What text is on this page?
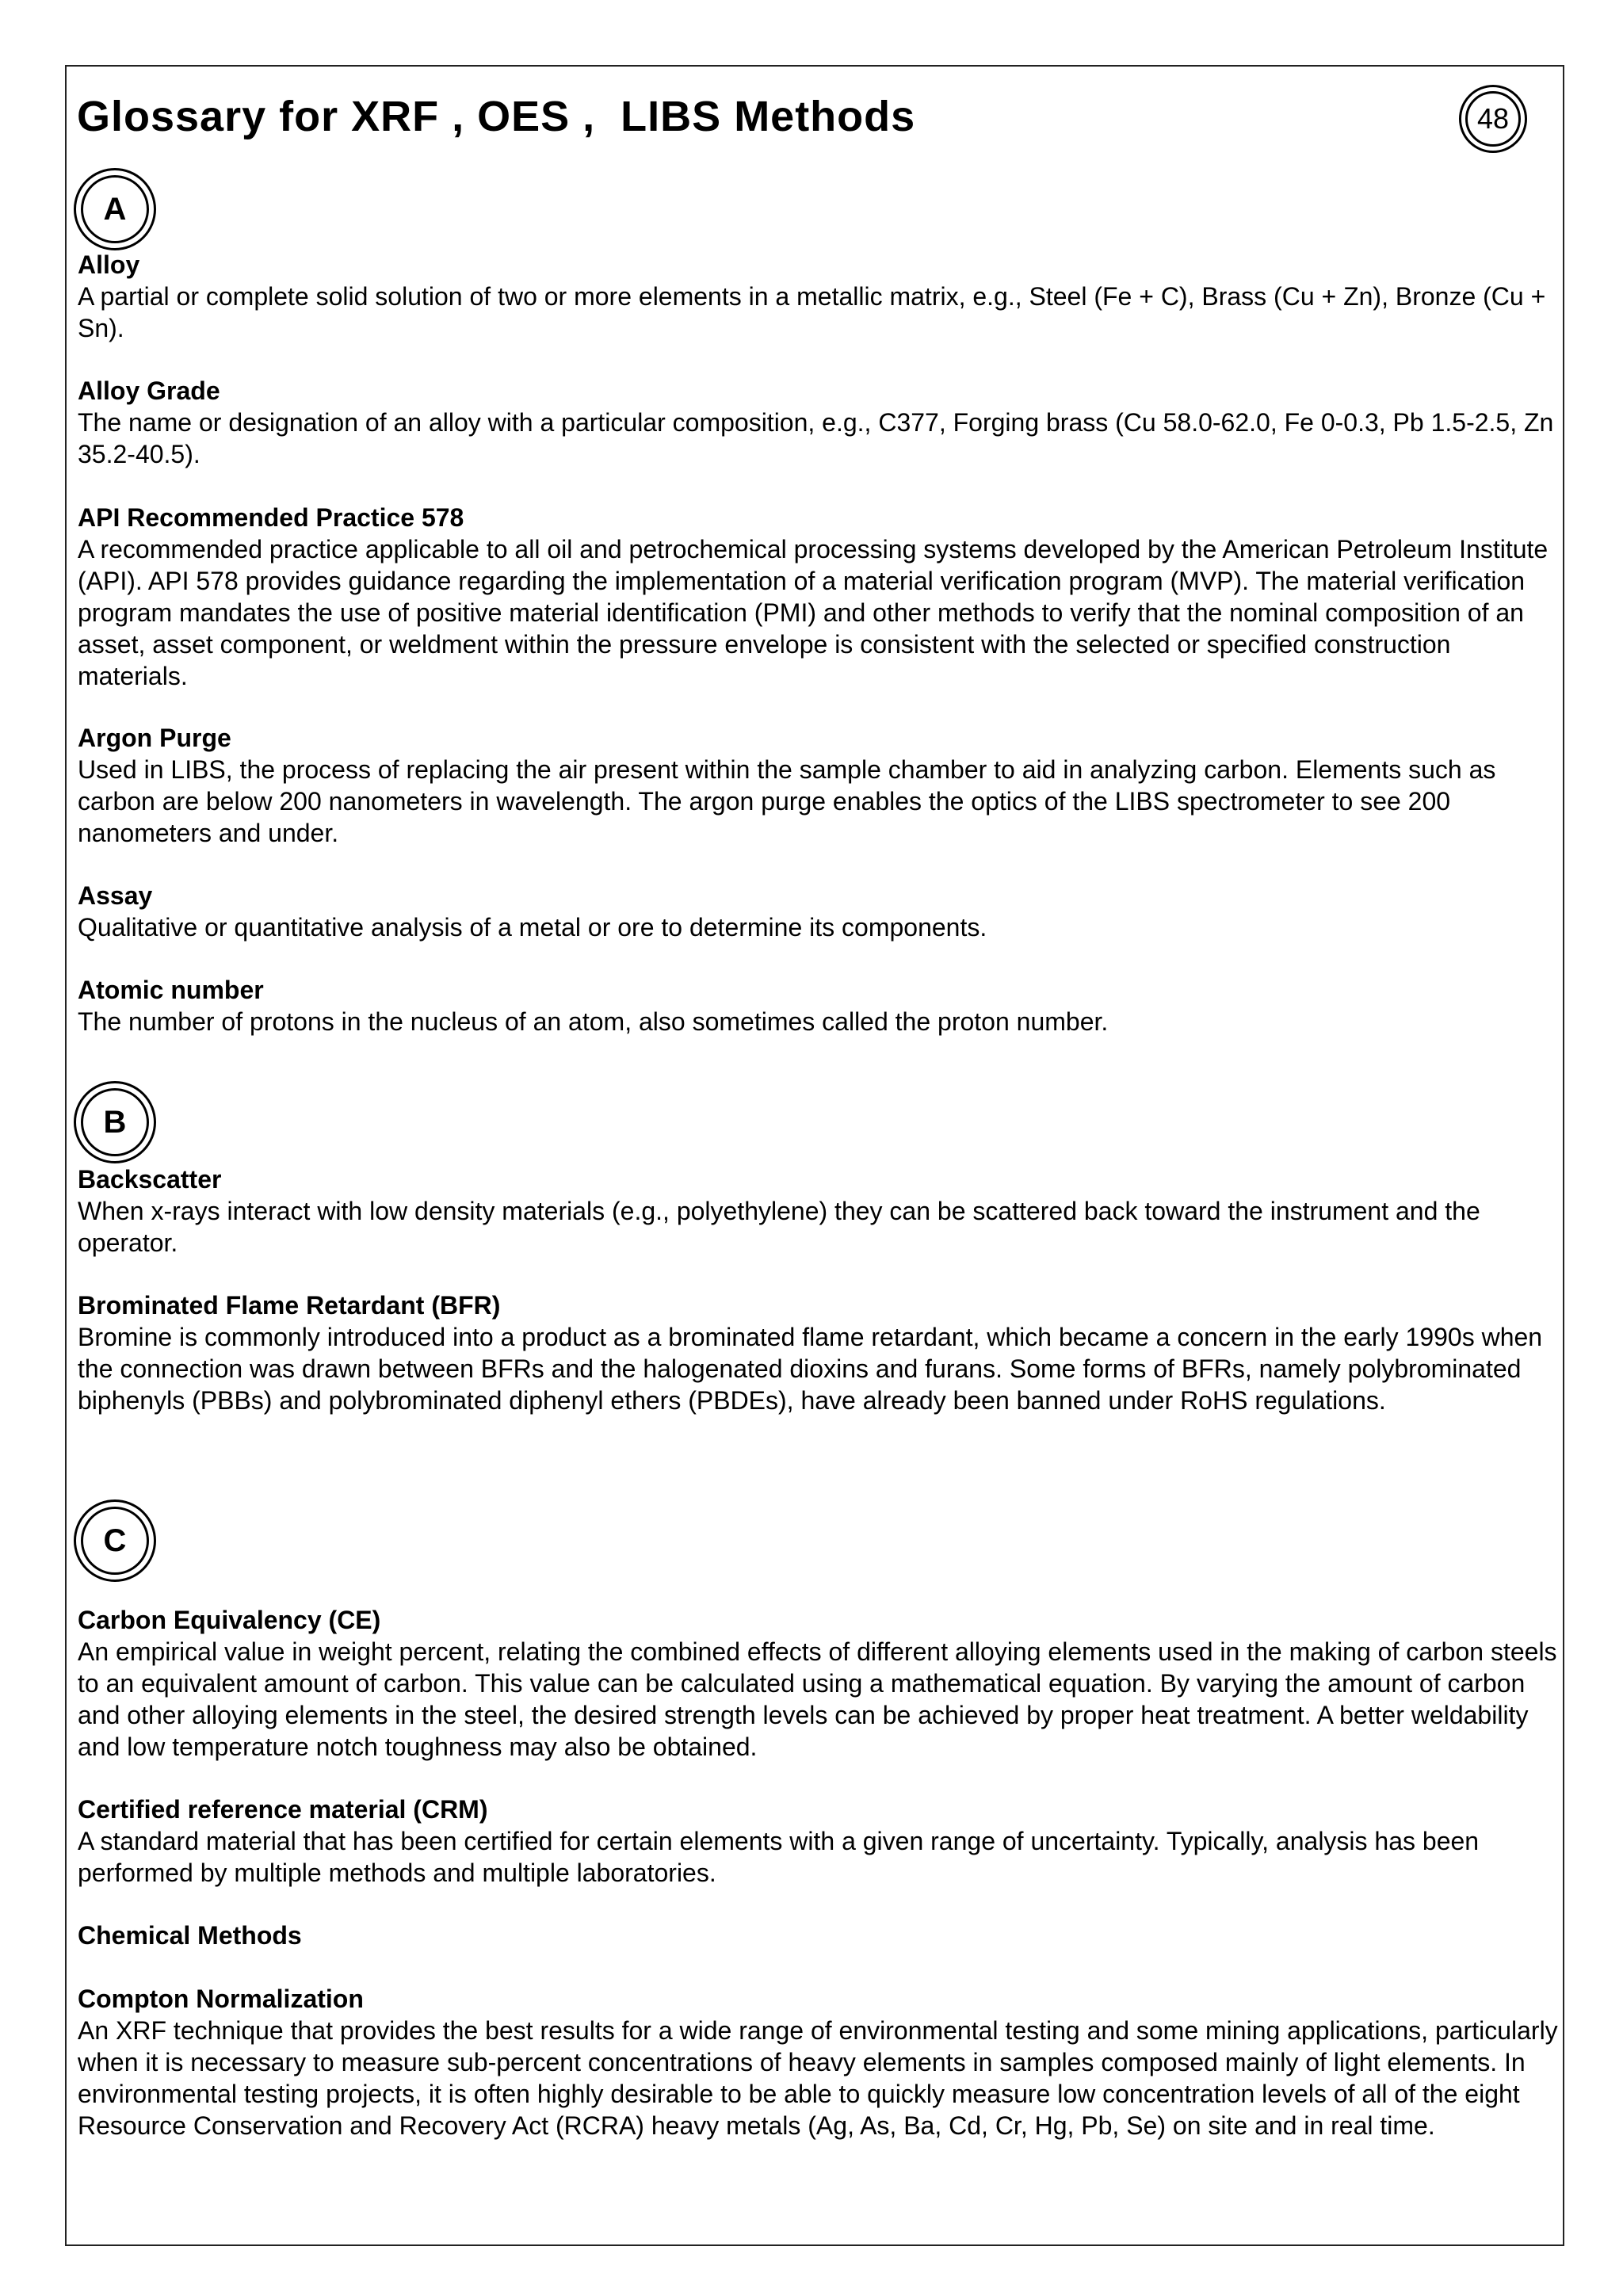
Glossary for XRF , OES ,  LIBS Methods	48
A

Alloy

A partial or complete solid solution of two or more elements in a metallic matrix, e.g., Steel (Fe + C), Brass (Cu + Zn), Bronze (Cu + Sn).

Alloy Grade

The name or designation of an alloy with a particular composition, e.g., C377, Forging brass (Cu 58.0-62.0, Fe 0-0.3, Pb 1.5-2.5, Zn 35.2-40.5).

API Recommended Practice 578

A recommended practice applicable to all oil and petrochemical processing systems developed by the American Petroleum Institute (API). API 578 provides guidance regarding the implementation of a material verification program (MVP). The material verification program mandates the use of positive material identification (PMI) and other methods to verify that the nominal composition of an asset, asset component, or weldment within the pressure envelope is consistent with the selected or specified construction materials.

Argon Purge

Used in LIBS, the process of replacing the air present within the sample chamber to aid in analyzing carbon. Elements such as carbon are below 200 nanometers in wavelength. The argon purge enables the optics of the LIBS spectrometer to see 200 nanometers and under.

Assay

Qualitative or quantitative analysis of a metal or ore to determine its components.

Atomic number

The number of protons in the nucleus of an atom, also sometimes called the proton number.

B

Backscatter

When x-rays interact with low density materials (e.g., polyethylene) they can be scattered back toward the instrument and the operator.

Brominated Flame Retardant (BFR)

Bromine is commonly introduced into a product as a brominated flame retardant, which became a concern in the early 1990s when the connection was drawn between BFRs and the halogenated dioxins and furans. Some forms of BFRs, namely polybrominated biphenyls (PBBs) and polybrominated diphenyl ethers (PBDEs), have already been banned under RoHS regulations.

C

Carbon Equivalency (CE)

An empirical value in weight percent, relating the combined effects of different alloying elements used in the making of carbon steels to an equivalent amount of carbon. This value can be calculated using a mathematical equation. By varying the amount of carbon and other alloying elements in the steel, the desired strength levels can be achieved by proper heat treatment. A better weldability and low temperature notch toughness may also be obtained.

Certified reference material (CRM)

A standard material that has been certified for certain elements with a given range of uncertainty. Typically, analysis has been performed by multiple methods and multiple laboratories.

Chemical Methods

Compton Normalization

An XRF technique that provides the best results for a wide range of environmental testing and some mining applications, particularly when it is necessary to measure sub-percent concentrations of heavy elements in samples composed mainly of light elements. In environmental testing projects, it is often highly desirable to be able to quickly measure low concentration levels of all of the eight Resource Conservation and Recovery Act (RCRA) heavy metals (Ag, As, Ba, Cd, Cr, Hg, Pb, Se) on site and in real time.
